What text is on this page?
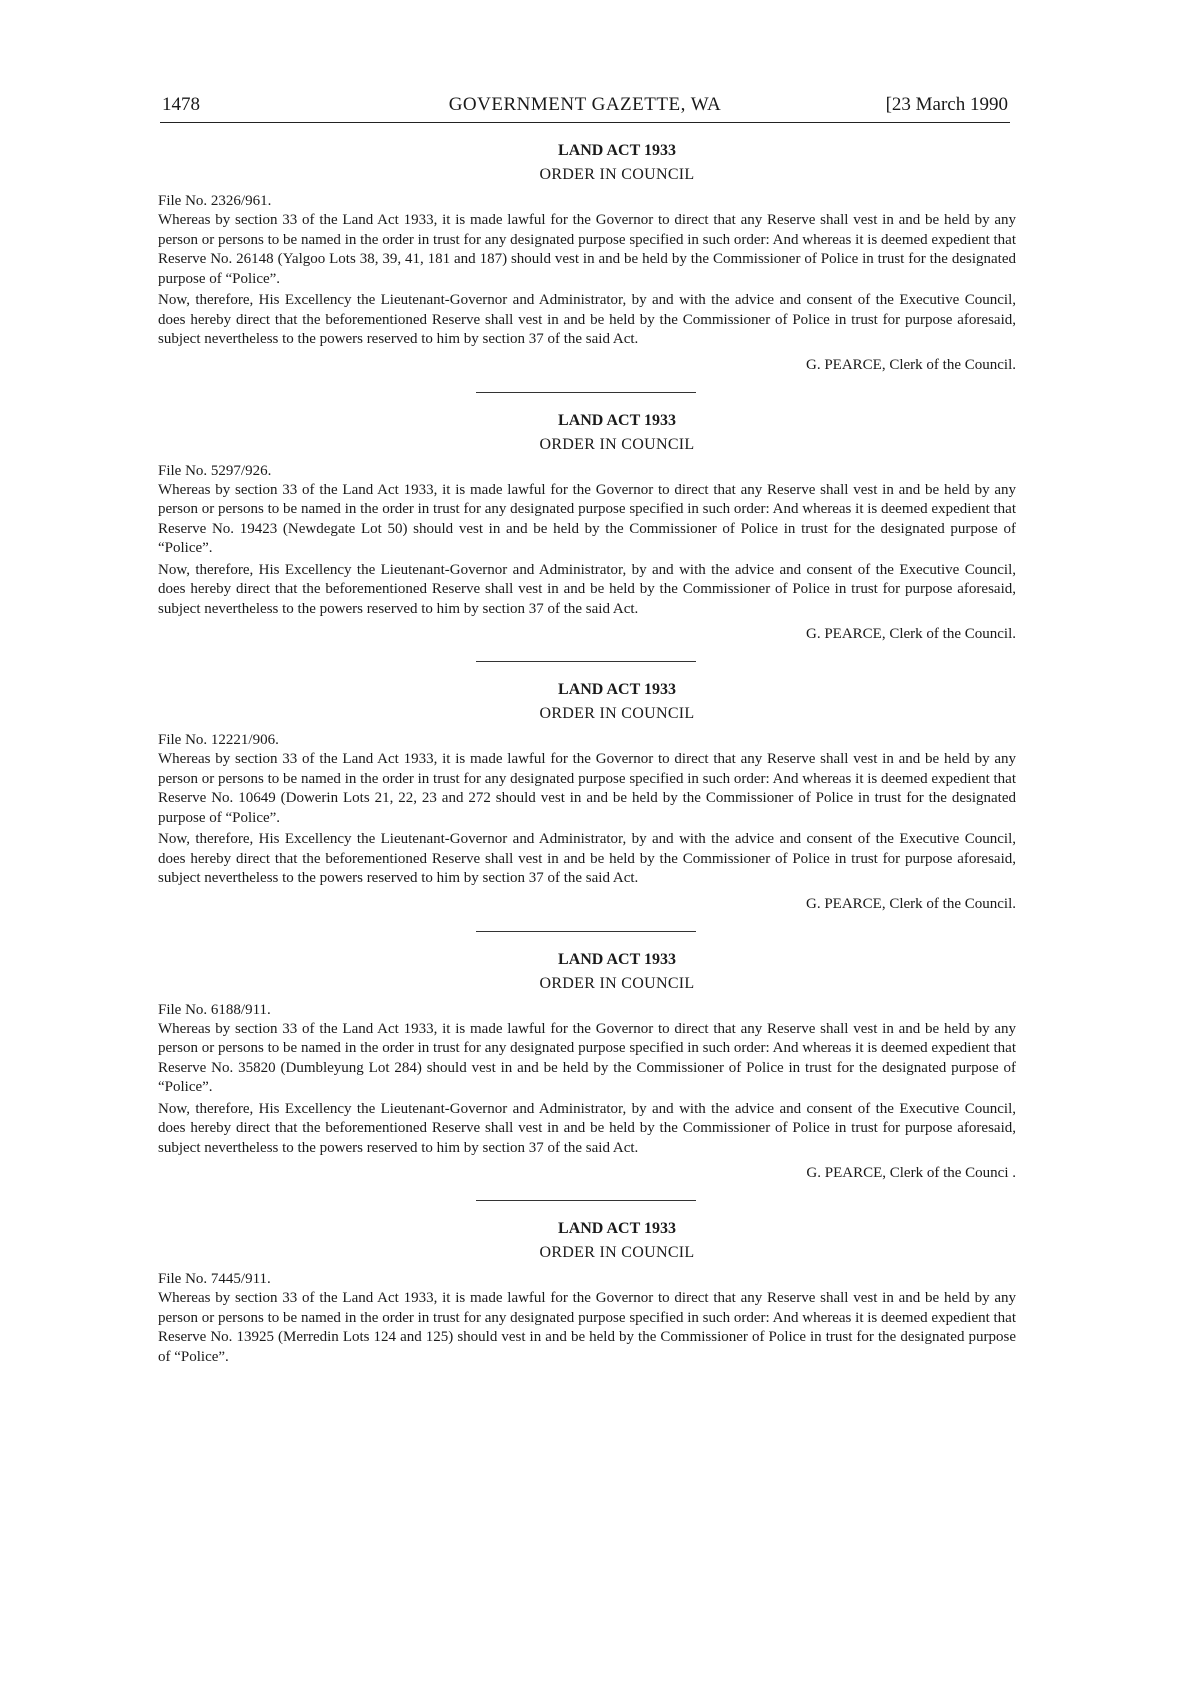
1478	GOVERNMENT GAZETTE, WA	[23 March 1990
LAND ACT 1933
ORDER IN COUNCIL
File No. 2326/961.

Whereas by section 33 of the Land Act 1933, it is made lawful for the Governor to direct that any Reserve shall vest in and be held by any person or persons to be named in the order in trust for any designated purpose specified in such order: And whereas it is deemed expedient that Reserve No. 26148 (Yalgoo Lots 38, 39, 41, 181 and 187) should vest in and be held by the Commissioner of Police in trust for the designated purpose of “Police”.

Now, therefore, His Excellency the Lieutenant-Governor and Administrator, by and with the advice and consent of the Executive Council, does hereby direct that the beforementioned Reserve shall vest in and be held by the Commissioner of Police in trust for purpose aforesaid, subject nevertheless to the powers reserved to him by section 37 of the said Act.

G. PEARCE, Clerk of the Council.
LAND ACT 1933
ORDER IN COUNCIL
File No. 5297/926.

Whereas by section 33 of the Land Act 1933, it is made lawful for the Governor to direct that any Reserve shall vest in and be held by any person or persons to be named in the order in trust for any designated purpose specified in such order: And whereas it is deemed expedient that Reserve No. 19423 (Newdegate Lot 50) should vest in and be held by the Commissioner of Police in trust for the designated purpose of “Police”.

Now, therefore, His Excellency the Lieutenant-Governor and Administrator, by and with the advice and consent of the Executive Council, does hereby direct that the beforementioned Reserve shall vest in and be held by the Commissioner of Police in trust for purpose aforesaid, subject nevertheless to the powers reserved to him by section 37 of the said Act.

G. PEARCE, Clerk of the Council.
LAND ACT 1933
ORDER IN COUNCIL
File No. 12221/906.

Whereas by section 33 of the Land Act 1933, it is made lawful for the Governor to direct that any Reserve shall vest in and be held by any person or persons to be named in the order in trust for any designated purpose specified in such order: And whereas it is deemed expedient that Reserve No. 10649 (Dowerin Lots 21, 22, 23 and 272 should vest in and be held by the Commissioner of Police in trust for the designated purpose of “Police”.

Now, therefore, His Excellency the Lieutenant-Governor and Administrator, by and with the advice and consent of the Executive Council, does hereby direct that the beforementioned Reserve shall vest in and be held by the Commissioner of Police in trust for purpose aforesaid, subject nevertheless to the powers reserved to him by section 37 of the said Act.

G. PEARCE, Clerk of the Council.
LAND ACT 1933
ORDER IN COUNCIL
File No. 6188/911.

Whereas by section 33 of the Land Act 1933, it is made lawful for the Governor to direct that any Reserve shall vest in and be held by any person or persons to be named in the order in trust for any designated purpose specified in such order: And whereas it is deemed expedient that Reserve No. 35820 (Dumbleyung Lot 284) should vest in and be held by the Commissioner of Police in trust for the designated purpose of “Police”.

Now, therefore, His Excellency the Lieutenant-Governor and Administrator, by and with the advice and consent of the Executive Council, does hereby direct that the beforementioned Reserve shall vest in and be held by the Commissioner of Police in trust for purpose aforesaid, subject nevertheless to the powers reserved to him by section 37 of the said Act.

G. PEARCE, Clerk of the Counci .
LAND ACT 1933
ORDER IN COUNCIL
File No. 7445/911.

Whereas by section 33 of the Land Act 1933, it is made lawful for the Governor to direct that any Reserve shall vest in and be held by any person or persons to be named in the order in trust for any designated purpose specified in such order: And whereas it is deemed expedient that Reserve No. 13925 (Merredin Lots 124 and 125) should vest in and be held by the Commissioner of Police in trust for the designated purpose of “Police”.
